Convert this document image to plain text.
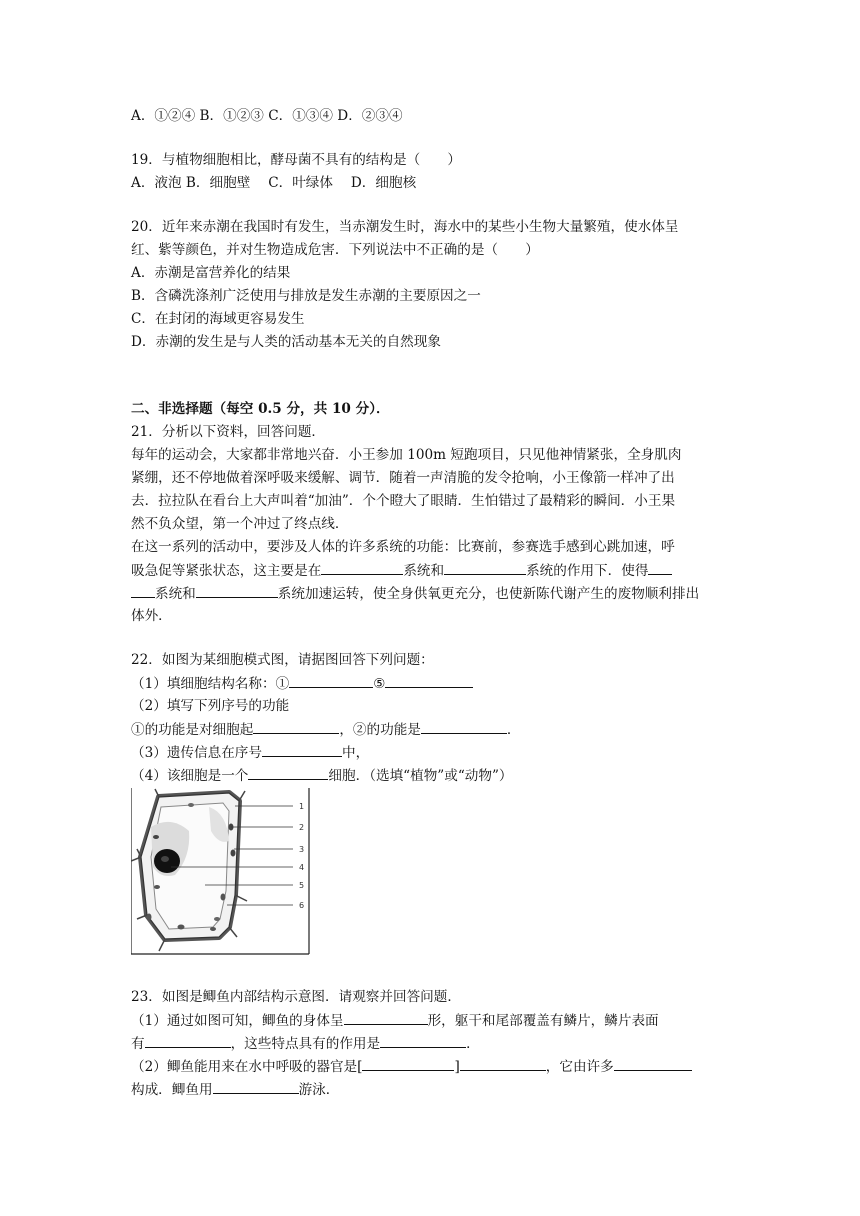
A．①②④ B．①②③ C．①③④ D．②③④
19．与植物细胞相比，酵母菌不具有的结构是（　　）
A．液泡 B．细胞壁　 C．叶绿体　 D．细胞核
20．近年来赤潮在我国时有发生，当赤潮发生时，海水中的某些小生物大量繁殖，使水体呈
红、紫等颜色，并对生物造成危害．下列说法中不正确的是（　　）
A．赤潮是富营养化的结果
B．含磷洗涤剂广泛使用与排放是发生赤潮的主要原因之一
C．在封闭的海域更容易发生
D．赤潮的发生是与人类的活动基本无关的自然现象
二、非选择题（每空 0.5 分，共 10 分）．
21．分析以下资料，回答问题．
每年的运动会，大家都非常地兴奋．小王参加 100m 短跑项目，只见他神情紧张，全身肌肉
紧绷，还不停地做着深呼吸来缓解、调节．随着一声清脆的发令抢响，小王像箭一样冲了出
去．拉拉队在看台上大声叫着“加油”．个个瞪大了眼睛．生怕错过了最精彩的瞬间．小王果
然不负众望，第一个冲过了终点线．
在这一系列的活动中，要涉及人体的许多系统的功能：比赛前，参赛选手感到心跳加速，呼
吸急促等紧张状态，这主要是在	系统和	系统的作用下．使得
系统和	系统加速运转，使全身供氧更充分，也使新陈代谢产生的废物顺利排出
体外．
22．如图为某细胞模式图，请据图回答下列问题：
（1）填细胞结构名称：①	⑤
（2）填写下列序号的功能
①的功能是对细胞起	，②的功能是	．
（3）遗传信息在序号	中，
（4）该细胞是一个	细胞．（选填“植物”或“动物”）
1
2
3
4
5
6
23．如图是鲫鱼内部结构示意图．请观察并回答问题．
（1）通过如图可知，鲫鱼的身体呈	形，躯干和尾部覆盖有鳞片，鳞片表面
有	，这些特点具有的作用是	．
（2）鲫鱼能用来在水中呼吸的器官是[	]	，它由许多
构成．鲫鱼用	游泳．
